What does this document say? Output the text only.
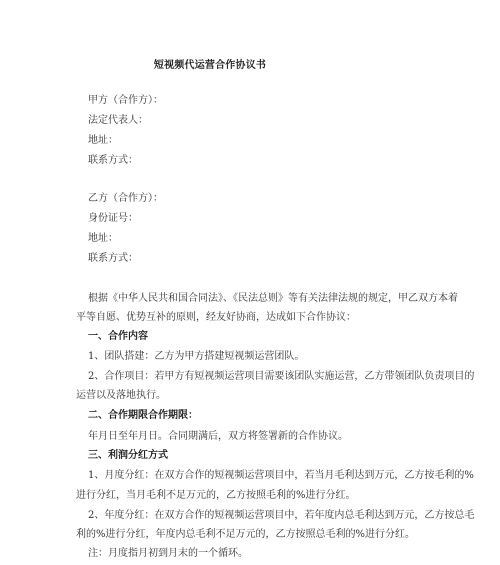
短视频代运营合作协议书
甲方（合作方）：
法定代表人：
地址：
联系方式：
乙方（合作方）：
身份证号：
地址：
联系方式：
根据《中华人民共和国合同法》、《民法总则》等有关法律法规的规定，甲乙双方本着
平等自愿、优势互补的原则，经友好协商，达成如下合作协议：
一、合作内容
1、团队搭建：乙方为甲方搭建短视频运营团队。
2、合作项目：若甲方有短视频运营项目需要该团队实施运营，乙方带领团队负责项目的
运营以及落地执行。
二、合作期限合作期限：
年月日至年月日。合同期满后，双方将签署新的合作协议。
三、利润分红方式
1、月度分红：在双方合作的短视频运营项目中，若当月毛利达到万元，乙方按毛利的%
进行分红，当月毛利不足万元的，乙方按照毛利的%进行分红。
2、年度分红：在双方合作的短视频运营项目中，若年度内总毛利达到万元，乙方按总毛
利的%进行分红，年度内总毛利不足万元的，乙方按照总毛利的%进行分红。
注：月度指月初到月末的一个循环。
